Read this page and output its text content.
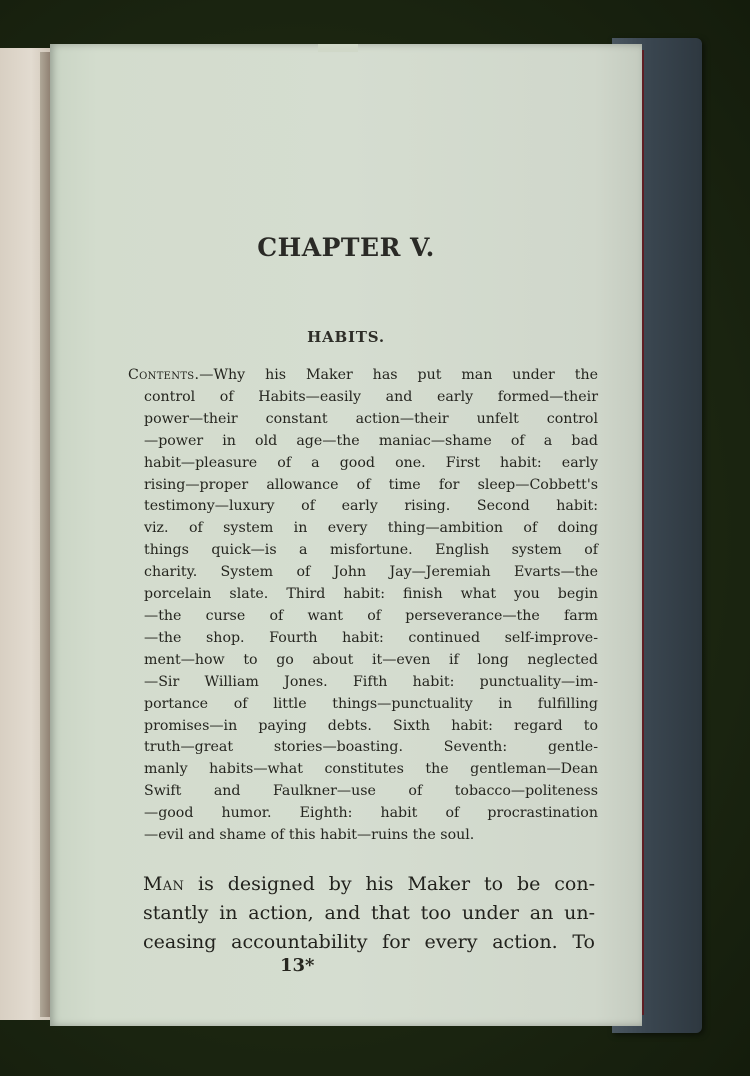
CHAPTER V.
HABITS.
Contents.—Why his Maker has put man under the
control of Habits—easily and early formed—their
power—their constant action—their unfelt control
—power in old age—the maniac—shame of a bad
habit—pleasure of a good one. First habit: early
rising—proper allowance of time for sleep—Cobbett's
testimony—luxury of early rising. Second habit:
viz. of system in every thing—ambition of doing
things quick—is a misfortune. English system of
charity. System of John Jay—Jeremiah Evarts—the
porcelain slate. Third habit: finish what you begin
—the curse of want of perseverance—the farm
—the shop. Fourth habit: continued self-improve-
ment—how to go about it—even if long neglected
—Sir William Jones. Fifth habit: punctuality—im-
portance of little things—punctuality in fulfilling
promises—in paying debts. Sixth habit: regard to
truth—great stories—boasting. Seventh: gentle-
manly habits—what constitutes the gentleman—Dean
Swift and Faulkner—use of tobacco—politeness
—good humor. Eighth: habit of procrastination
—evil and shame of this habit—ruins the soul.
Man is designed by his Maker to be con-
stantly in action, and that too under an un-
ceasing accountability for every action. To
13*
